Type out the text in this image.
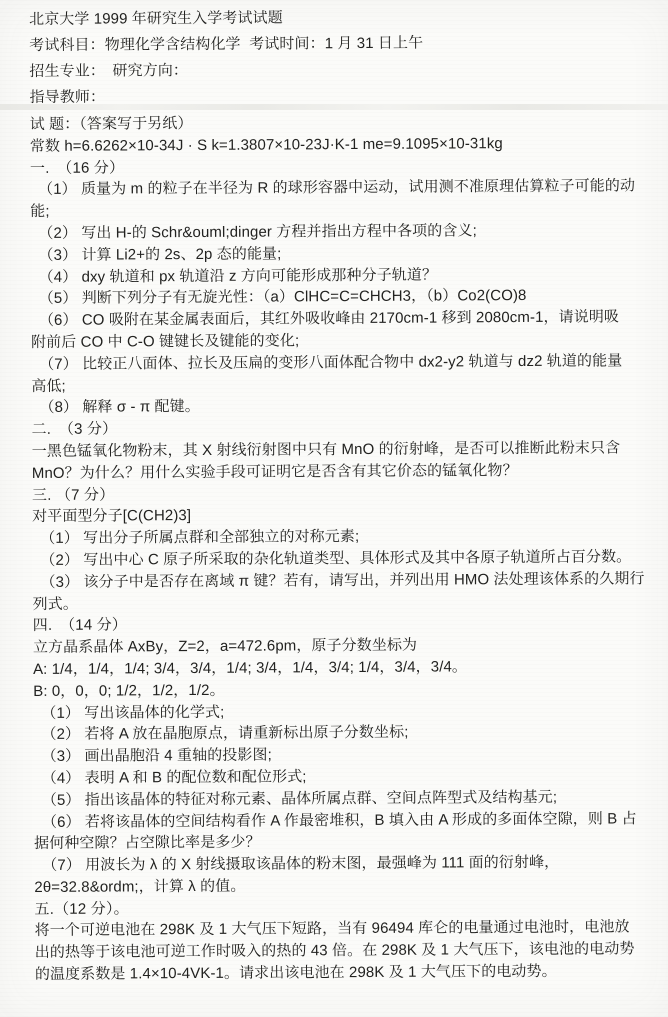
北京大学 1999 年研究生入学考试试题
考试科目：物理化学含结构化学  考试时间：1 月 31 日上午
招生专业：　研究方向：
指导教师：
试 题：（答案写于另纸）
常数 h=6.6262×10-34J · S k=1.3807×10-23J·K-1 me=9.1095×10-31kg
一.　（16 分）
（1） 质量为 m 的粒子在半径为 R 的球形容器中运动，试用测不准原理估算粒子可能的动
能;
（2） 写出 H-的 Schr&ouml;dinger 方程并指出方程中各项的含义;
（3） 计算 Li2+的 2s、2p 态的能量;
（4） dxy 轨道和 px 轨道沿 z 方向可能形成那种分子轨道？
（5） 判断下列分子有无旋光性：（a）ClHC=C=CHCH3，（b）Co2(CO)8
（6） CO 吸附在某金属表面后，其红外吸收峰由 2170cm-1 移到 2080cm-1，请说明吸
附前后 CO 中 C-O 键键长及键能的变化;
（7） 比较正八面体、拉长及压扁的变形八面体配合物中 dx2-y2 轨道与 dz2 轨道的能量
高低;
（8） 解释 σ - π 配键。
二.　（3 分）
一黑色锰氧化物粉末，其 X 射线衍射图中只有 MnO 的衍射峰，是否可以推断此粉末只含
MnO？为什么？用什么实验手段可证明它是否含有其它价态的锰氧化物？
三. （7 分）
对平面型分子[C(CH2)3]
（1） 写出分子所属点群和全部独立的对称元素;
（2） 写出中心 C 原子所采取的杂化轨道类型、具体形式及其中各原子轨道所占百分数。
（3） 该分子中是否存在离域 π 键？若有，请写出，并列出用 HMO 法处理该体系的久期行
列式。
四.　（14 分）
立方晶系晶体 AxBy，Z=2，a=472.6pm，原子分数坐标为
A: 1/4，1/4，1/4; 3/4，3/4，1/4; 3/4，1/4，3/4; 1/4，3/4，3/4。
B: 0，0，0; 1/2，1/2，1/2。
（1） 写出该晶体的化学式;
（2） 若将 A 放在晶胞原点，请重新标出原子分数坐标;
（3） 画出晶胞沿 4 重轴的投影图;
（4） 表明 A 和 B 的配位数和配位形式;
（5） 指出该晶体的特征对称元素、晶体所属点群、空间点阵型式及结构基元;
（6） 若将该晶体的空间结构看作 A 作最密堆积，B 填入由 A 形成的多面体空隙，则 B 占
据何种空隙？占空隙比率是多少？
（7） 用波长为 λ 的 X 射线摄取该晶体的粉末图，最强峰为 111 面的衍射峰，
2θ=32.8&ordm;，计算 λ 的值。
五.（12 分）。
将一个可逆电池在 298K 及 1 大气压下短路，当有 96494 库仑的电量通过电池时，电池放
出的热等于该电池可逆工作时吸入的热的 43 倍。在 298K 及 1 大气压下，该电池的电动势
的温度系数是 1.4×10-4VK-1。请求出该电池在 298K 及 1 大气压下的电动势。
